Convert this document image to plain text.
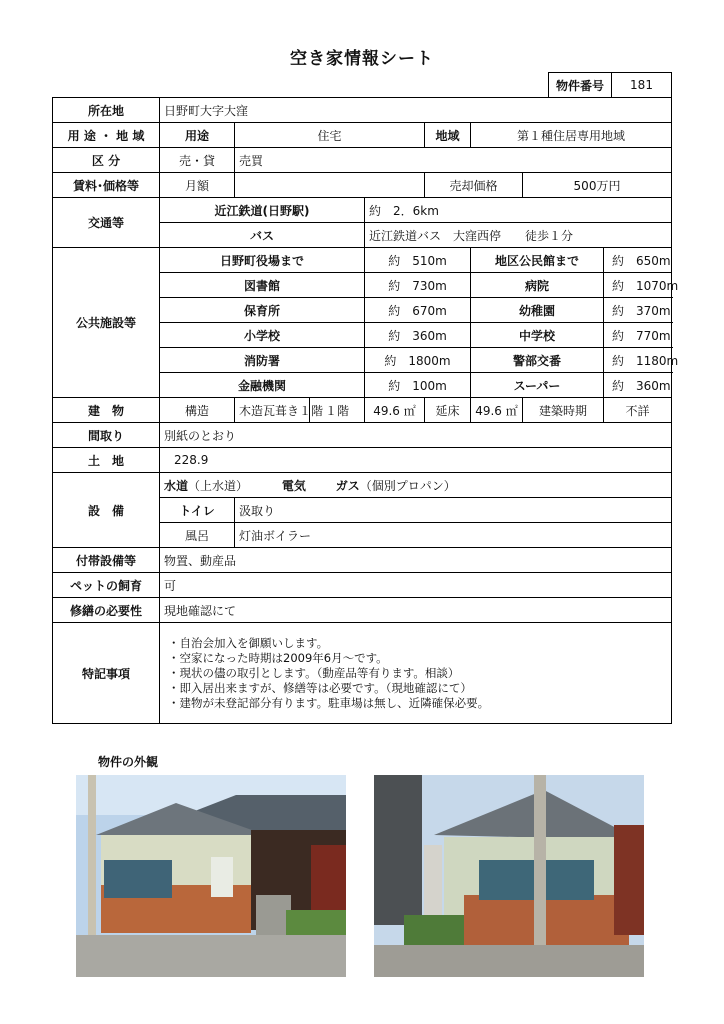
空き家情報シート
物件番号	181
所在地	日野町大字大窪							
用 途 ・ 地 域	用途	住宅			地域	第１種住居専用地域		
区 分	売・貸	売買						
賃料･価格等	月額				売却価格		500万円	
交通等	近江鉄道(日野駅)			約　2．6km				
	バス			近江鉄道バス　大窪西停　　徒歩１分				
公共施設等	日野町役場まで			約　510m		地区公民館まで		約　650m
	図書館			約　730m		病院		約　1070m
	保育所			約　670m		幼稚園		約　370m
	小学校			約　360m		中学校		約　770m
	消防署			約　1800m		警部交番		約　1180m
	金融機関			約　100m		スーパー		約　360m
建　物	構造	木造瓦葺き１階	１階	49.6 ㎡	延床	49.6 ㎡	建築時期	不詳
間取り	別紙のとおり							
土　地	228.9							
設　備	水道（上水道） 電気 ガス（個別プロパン）							
	トイレ	汲取り						
	風呂	灯油ボイラー						
付帯設備等	物置、動産品							
ペットの飼育	可							
修繕の必要性	現地確認にて							
特記事項	・自治会加入を御願いします。
・空家になった時期は2009年6月～です。
・現状の儘の取引とします。（動産品等有ります。相談）
・即入居出来ますが、修繕等は必要です。（現地確認にて）
・建物が未登記部分有ります。駐車場は無し、近隣確保必要。							
物件の外観
